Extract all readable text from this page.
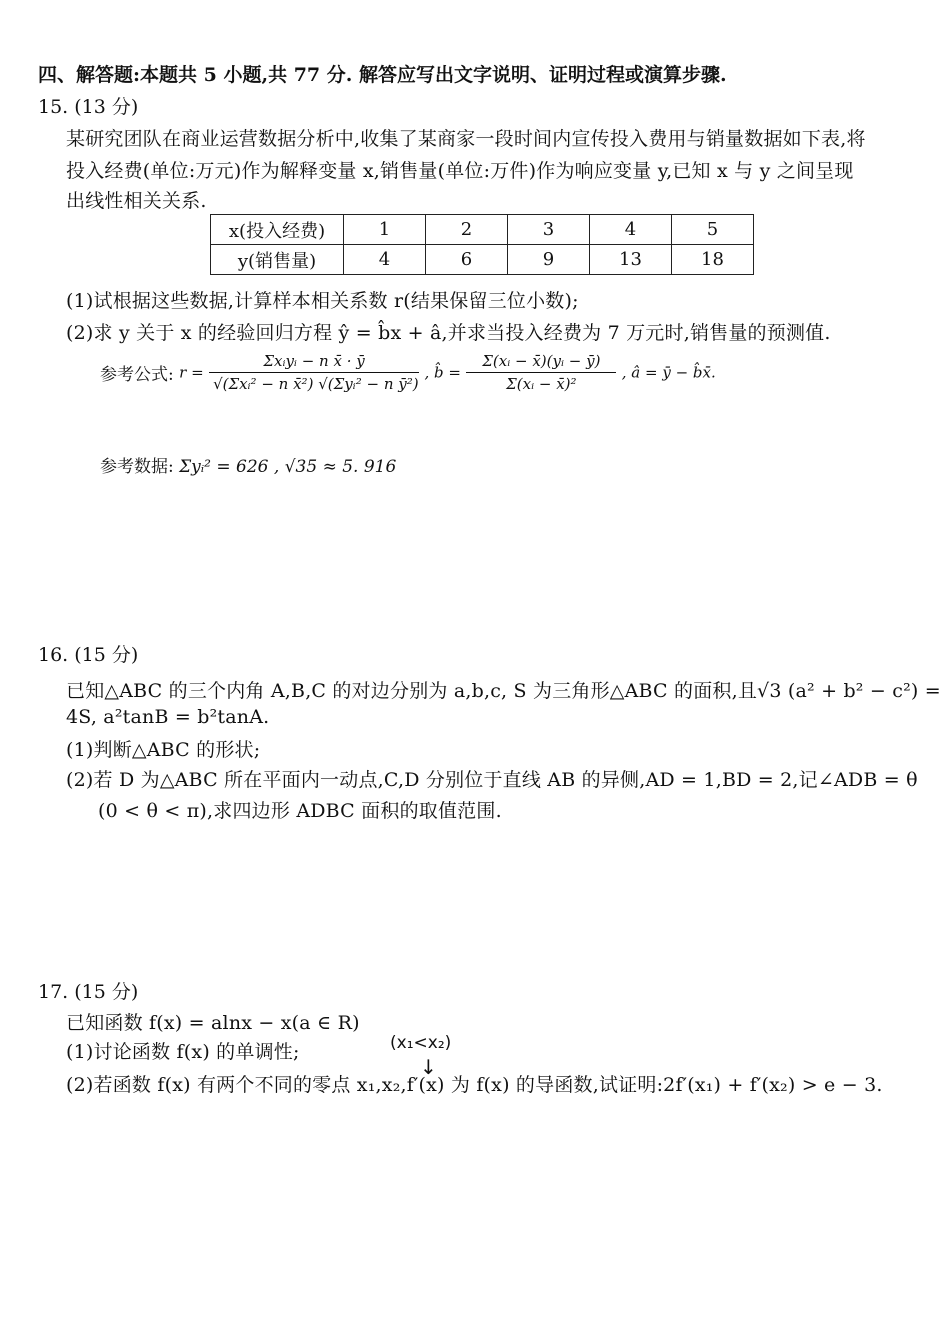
四、解答题:本题共 5 小题,共 77 分. 解答应写出文字说明、证明过程或演算步骤.
15. (13 分)
某研究团队在商业运营数据分析中,收集了某商家一段时间内宣传投入费用与销量数据如下表,将
投入经费(单位:万元)作为解释变量 x,销售量(单位:万件)作为响应变量 y,已知 x 与 y 之间呈现
出线性相关关系.
x(投入经费)	1	2	3	4	5
y(销售量)	4	6	9	13	18
(1)试根据这些数据,计算样本相关系数 r(结果保留三位小数);
(2)求 y 关于 x 的经验回归方程 ŷ = b̂x + â,并求当投入经费为 7 万元时,销售量的预测值.
参考公式: $r = \frac{\text{Σxᵢyᵢ − n x̄ · ȳ}}{\text{√(Σxᵢ² − n x̄²) √(Σyᵢ² − n ȳ²)}}$ , b̂ = $\frac{\text{Σ(xᵢ − x̄)(yᵢ − ȳ)}}{\text{Σ(xᵢ − x̄)²}}$ , â = ȳ − b̂x̄.
参考数据: Σyᵢ² = 626 , √35 ≈ 5. 916
16. (15 分)
已知△ABC 的三个内角 A,B,C 的对边分别为 a,b,c, S 为三角形△ABC 的面积,且√3 (a² + b² − c²) =
4S, a²tanB = b²tanA.
(1)判断△ABC 的形状;
(2)若 D 为△ABC 所在平面内一动点,C,D 分别位于直线 AB 的异侧,AD = 1,BD = 2,记∠ADB = θ
(0 < θ < π),求四边形 ADBC 面积的取值范围.
17. (15 分)
已知函数 f(x) = alnx − x(a ∈ R)
(1)讨论函数 f(x) 的单调性;	(x₁<x₂)
↓
(2)若函数 f(x) 有两个不同的零点 x₁,x₂,f′(x) 为 f(x) 的导函数,试证明:2f′(x₁) + f′(x₂) > e − 3.
